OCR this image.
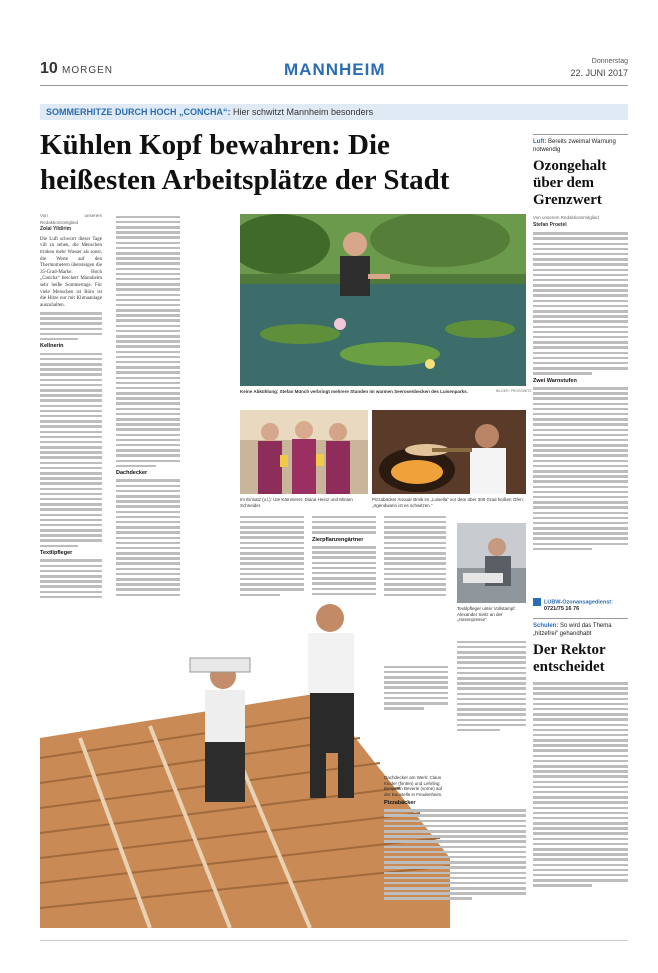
10 MORGEN	MANNHEIM	Donnerstag
22. JUNI 2017
SOMMERHITZE DURCH HOCH „CONCHA“: Hier schwitzt Mannheim besonders
Kühlen Kopf bewahren: Die
heißesten Arbeitsplätze der Stadt
Von unserem Redaktionsmitglied
Zolal Yildirim

Die Luft schwirrt dieser Tage vill zu sehen, die Menschen trinken mehr Wasser als sonst, die Werte auf den Thermometern übersteigen die 35-Grad-Marke. Hoch „Concha“ beschert Mannheim sehr heiße Sommertage. Für viele Menschen ist Büro ist die Hitze nur mit Klimaanlage auszuhalten.

Kellnerin
Textilpfleger
Dachdecker
Keine Abkühlung: Stefan Münch verbringt mehrere Stunden im warmen Seerosenbecken des Luisenparks.	BILDER: PROSSWITZ
Im Einsatz (v.l.): Ute Kämmerer, Diana Heinz und Miriam Schneider.
Pizzabäcker Anouar Bmik im „Luisella“ vor dem über 300 Grad heißen Ofen: „Irgendwann ist es schwitzen.“
Zierpflanzengärtner
Textilpfleger unter Vollstampf: Alexander Seitz an der „Hosenpresse“.
Dachdecker am Werk: Claus Kinder (hinten) und Lehrling Benjamin Beverle (vorne) auf der Baustelle in Feudenheim.
Pizzabäcker
Luft: Bereits zweimal Warnung notwendig
Ozongehalt über dem Grenzwert
Von unserem Redaktionsmitglied
Stefan Proetel
Zwei Warnstufen
LUBW-Ozonansagedienst:
0721/75 16 76
Schulen: So wird das Thema „hitzefrei“ gehandhabt
Der Rektor entscheidet
